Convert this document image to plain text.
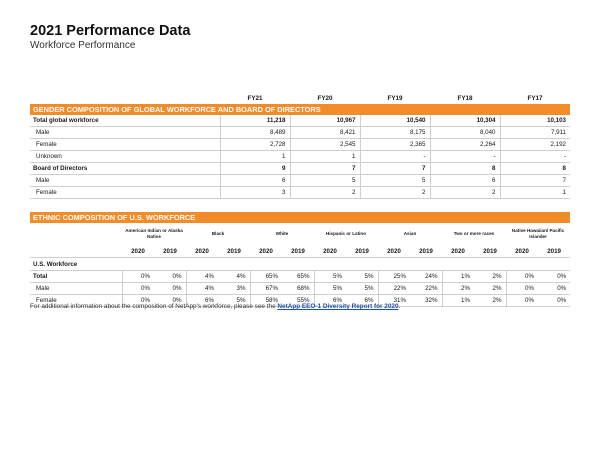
2021 Performance Data
Workforce Performance
	FY21	FY20	FY19	FY18	FY17
GENDER COMPOSITION OF GLOBAL WORKFORCE AND BOARD OF DIRECTORS					
Total global workforce	11,218	10,967	10,540	10,304	10,103
Male	8,489	8,421	8,175	8,040	7,911
Female	2,728	2,545	2,365	2,264	2,192
Unknown	1	1	-	-	-
Board of Directors	9	7	7	8	8
Male	6	5	5	6	7
Female	3	2	2	2	1
ETHNIC COMPOSITION OF U.S. WORKFORCE														
	American Indian or Alaska Native		Black		White		Hispanic or Latino		Asian		Two or more races		Native Hawaiian/ Pacific Islander	
	2020	2019	2020	2019	2020	2019	2020	2019	2020	2019	2020	2019	2020	2019
U.S. Workforce														
Total	0%	0%	4%	4%	65%	65%	5%	5%	25%	24%	1%	2%	0%	0%
Male	0%	0%	4%	3%	67%	68%	5%	5%	22%	22%	2%	2%	0%	0%
Female	0%	0%	6%	5%	58%	55%	6%	6%	31%	32%	1%	2%	0%	0%
For additional information about the composition of NetApp's workforce, please see the NetApp EEO-1 Diversity Report for 2020.
